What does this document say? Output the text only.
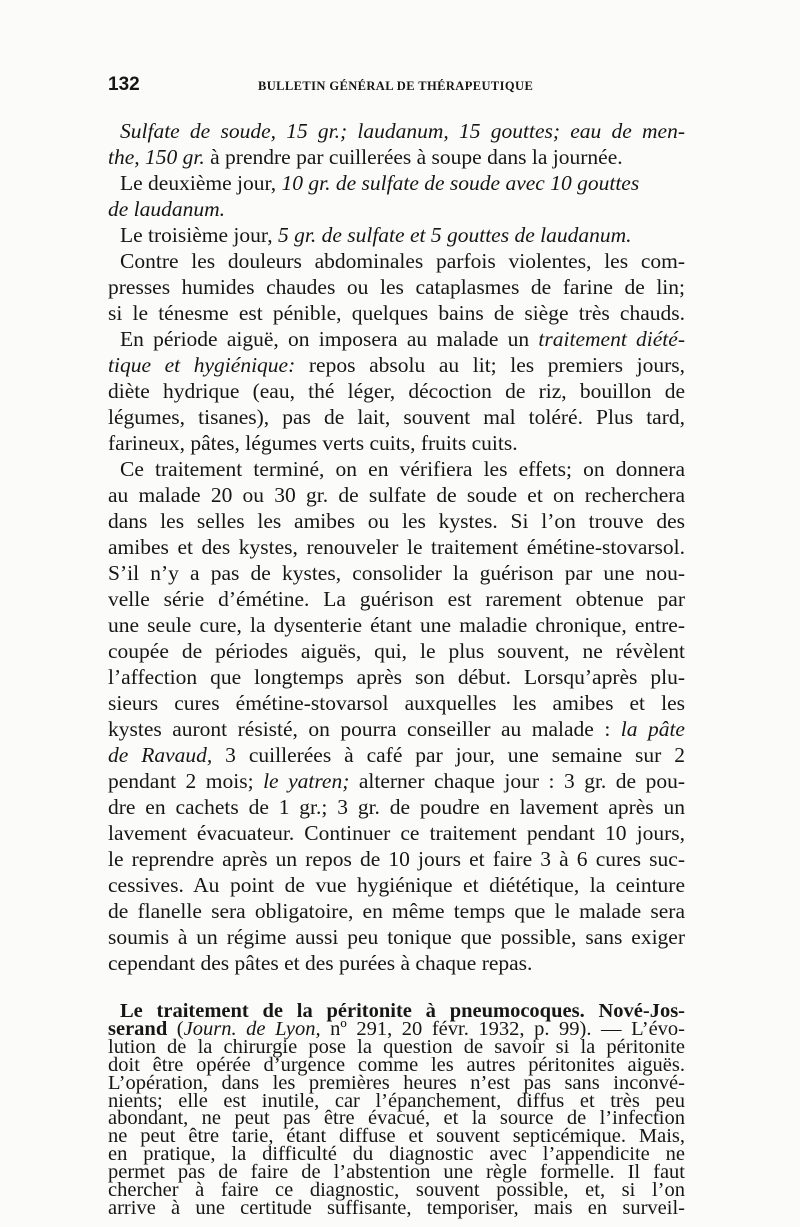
132	BULLETIN GÉNÉRAL DE THÉRAPEUTIQUE
Sulfate de soude, 15 gr.; laudanum, 15 gouttes; eau de men-
the, 150 gr. à prendre par cuillerées à soupe dans la journée.
Le deuxième jour, 10 gr. de sulfate de soude avec 10 gouttes
de laudanum.
Le troisième jour, 5 gr. de sulfate et 5 gouttes de laudanum.
Contre les douleurs abdominales parfois violentes, les com-
presses humides chaudes ou les cataplasmes de farine de lin;
si le ténesme est pénible, quelques bains de siège très chauds.
En période aiguë, on imposera au malade un traitement diété-
tique et hygiénique: repos absolu au lit; les premiers jours,
diète hydrique (eau, thé léger, décoction de riz, bouillon de
légumes, tisanes), pas de lait, souvent mal toléré. Plus tard,
farineux, pâtes, légumes verts cuits, fruits cuits.
Ce traitement terminé, on en vérifiera les effets; on donnera
au malade 20 ou 30 gr. de sulfate de soude et on recherchera
dans les selles les amibes ou les kystes. Si l’on trouve des
amibes et des kystes, renouveler le traitement émétine-stovarsol.
S’il n’y a pas de kystes, consolider la guérison par une nou-
velle série d’émétine. La guérison est rarement obtenue par
une seule cure, la dysenterie étant une maladie chronique, entre-
coupée de périodes aiguës, qui, le plus souvent, ne révèlent
l’affection que longtemps après son début. Lorsqu’après plu-
sieurs cures émétine-stovarsol auxquelles les amibes et les
kystes auront résisté, on pourra conseiller au malade : la pâte
de Ravaud, 3 cuillerées à café par jour, une semaine sur 2
pendant 2 mois; le yatren; alterner chaque jour : 3 gr. de pou-
dre en cachets de 1 gr.; 3 gr. de poudre en lavement après un
lavement évacuateur. Continuer ce traitement pendant 10 jours,
le reprendre après un repos de 10 jours et faire 3 à 6 cures suc-
cessives. Au point de vue hygiénique et diététique, la ceinture
de flanelle sera obligatoire, en même temps que le malade sera
soumis à un régime aussi peu tonique que possible, sans exiger
cependant des pâtes et des purées à chaque repas.
Le traitement de la péritonite à pneumocoques. Nové-Jos-
serand (Journ. de Lyon, nº 291, 20 févr. 1932, p. 99). — L’évo-
lution de la chirurgie pose la question de savoir si la péritonite
doit être opérée d’urgence comme les autres péritonites aiguës.
L’opération, dans les premières heures n’est pas sans inconvé-
nients; elle est inutile, car l’épanchement, diffus et très peu
abondant, ne peut pas être évacué, et la source de l’infection
ne peut être tarie, étant diffuse et souvent septicémique. Mais,
en pratique, la difficulté du diagnostic avec l’appendicite ne
permet pas de faire de l’abstention une règle formelle. Il faut
chercher à faire ce diagnostic, souvent possible, et, si l’on
arrive à une certitude suffisante, temporiser, mais en surveil-
